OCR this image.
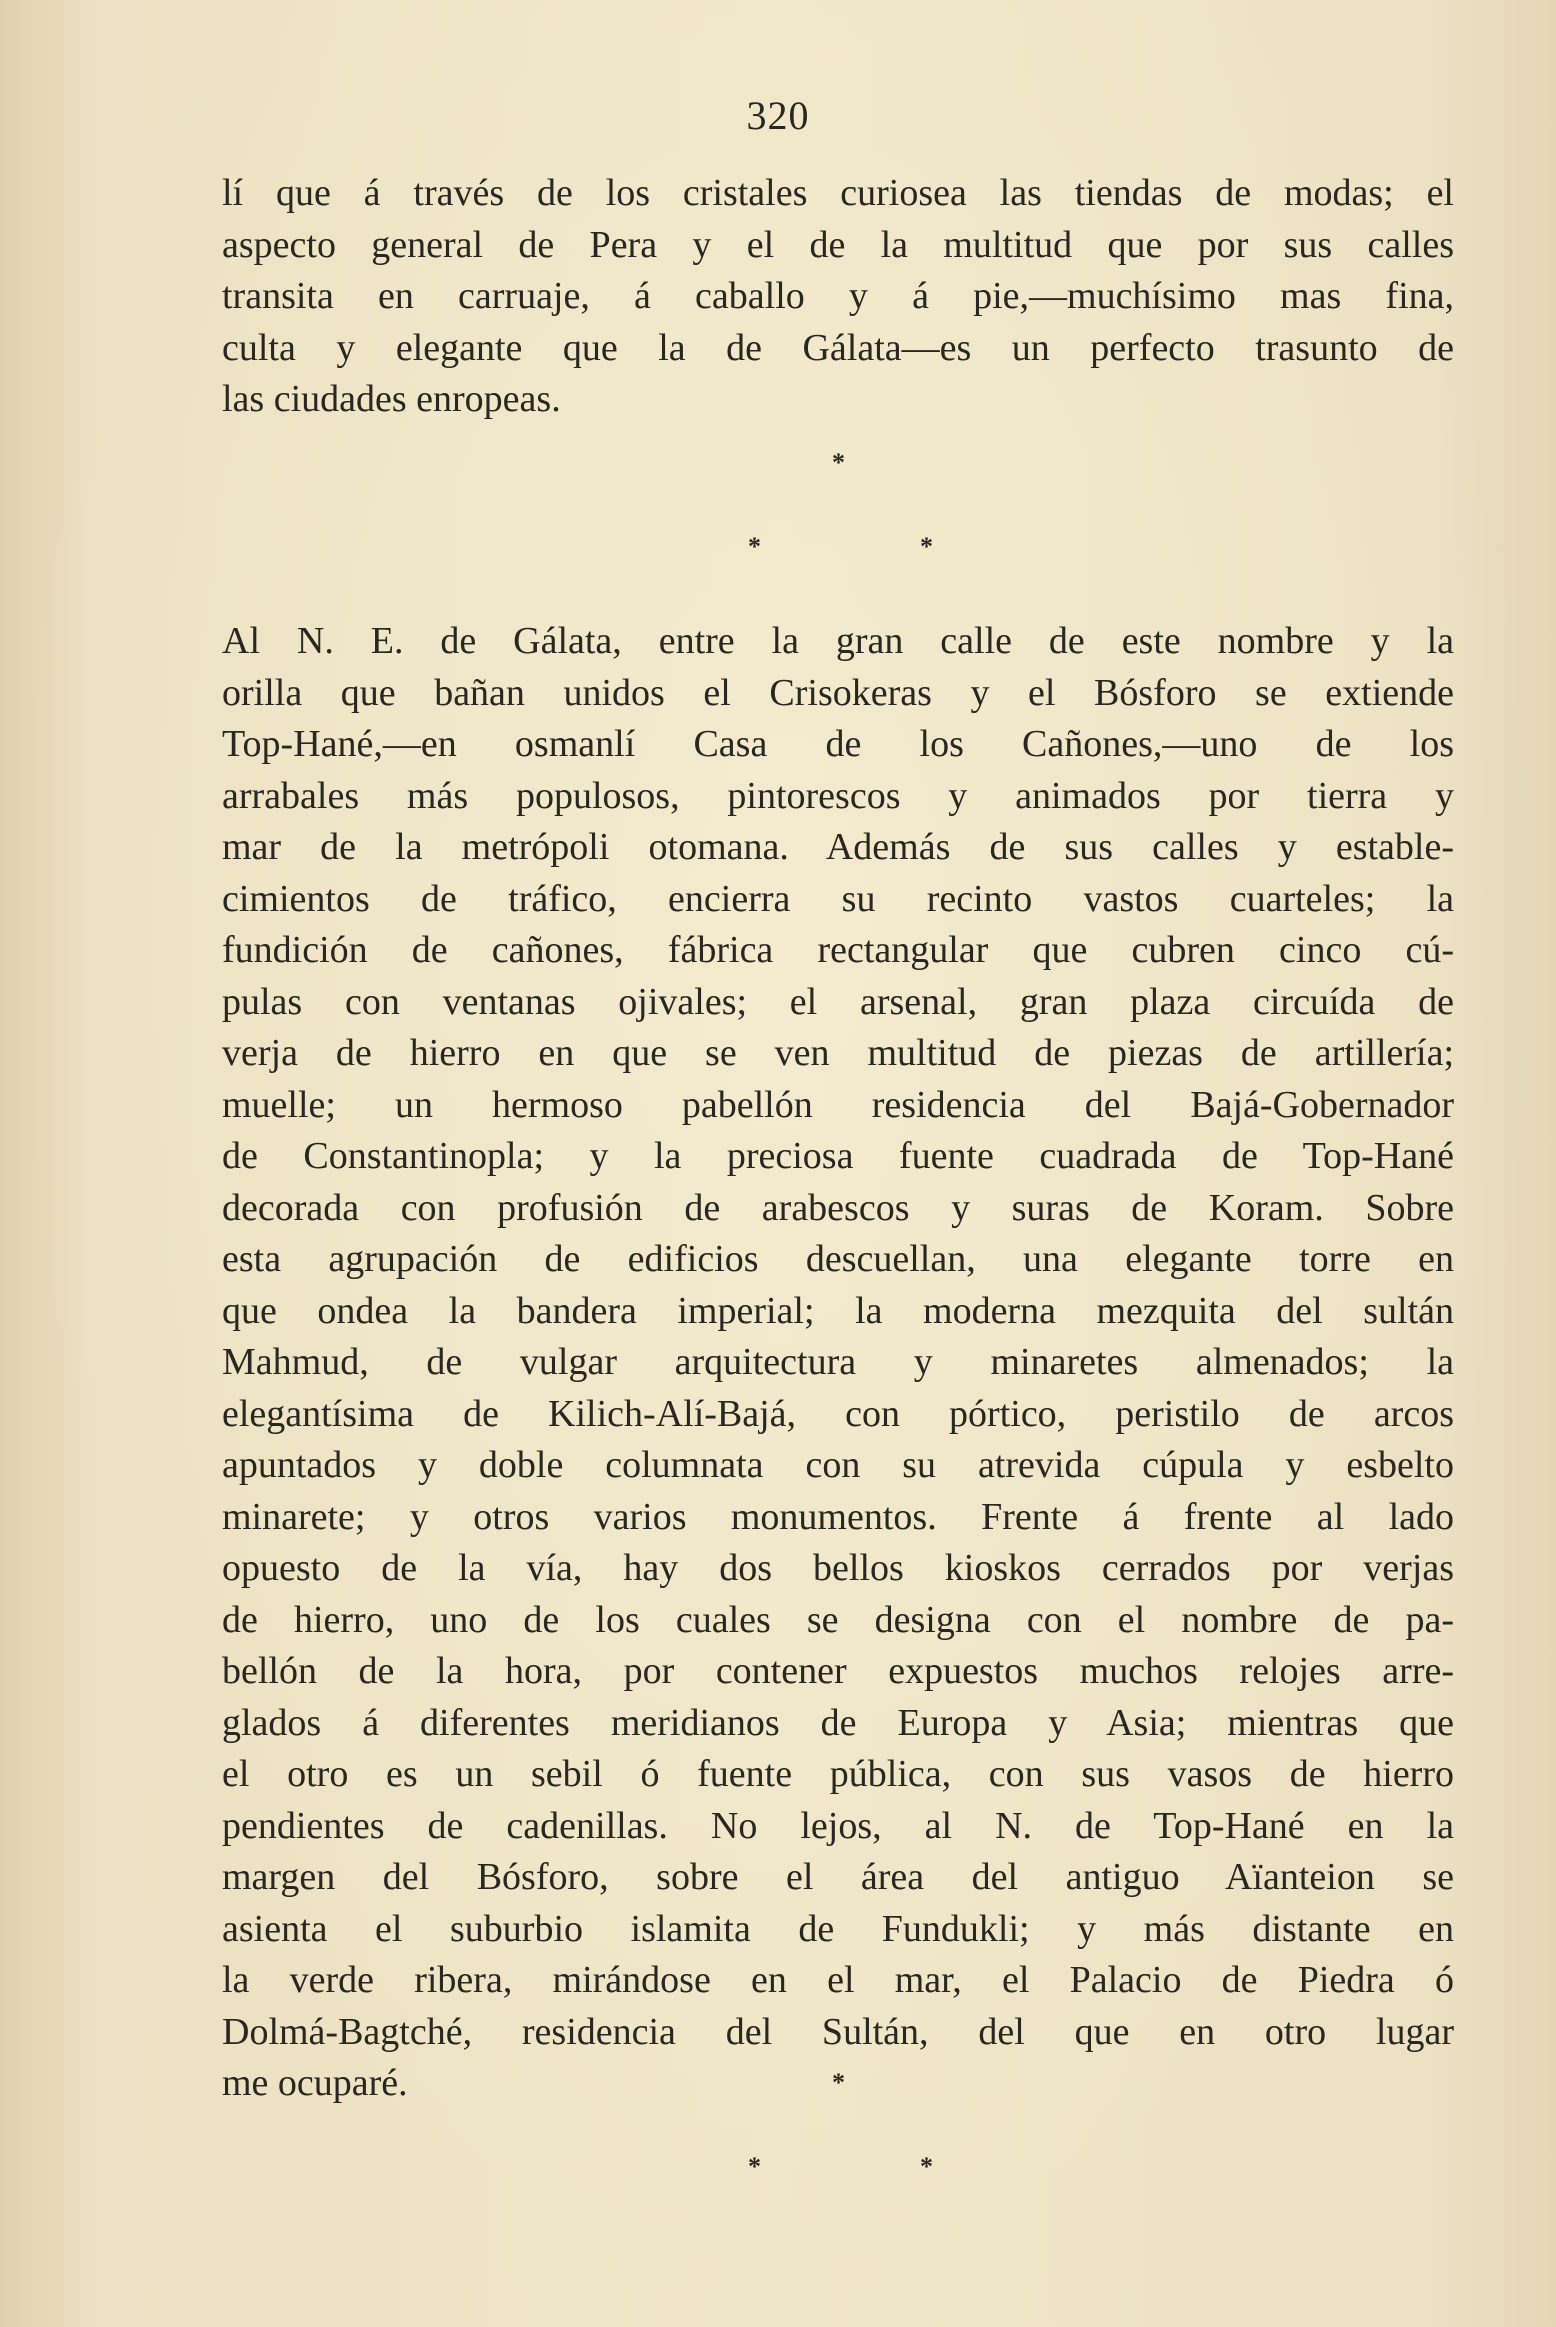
320
lí que á través de los cristales curiosea las tiendas de modas; el
aspecto general de Pera y el de la multitud que por sus calles
transita en carruaje, á caballo y á pie,—muchísimo mas fina,
culta y elegante que la de Gálata—es un perfecto trasunto de
las ciudades enropeas.
*
*	*
Al N. E. de Gálata, entre la gran calle de este nombre y la
orilla que bañan unidos el Crisokeras y el Bósforo se extiende
Top-Hané,—en osmanlí Casa de los Cañones,—uno de los
arrabales más populosos, pintorescos y animados por tierra y
mar de la metrópoli otomana. Además de sus calles y estable-
cimientos de tráfico, encierra su recinto vastos cuarteles; la
fundición de cañones, fábrica rectangular que cubren cinco cú-
pulas con ventanas ojivales; el arsenal, gran plaza circuída de
verja de hierro en que se ven multitud de piezas de artillería;
muelle; un hermoso pabellón residencia del Bajá-Gobernador
de Constantinopla; y la preciosa fuente cuadrada de Top-Hané
decorada con profusión de arabescos y suras de Koram. Sobre
esta agrupación de edificios descuellan, una elegante torre en
que ondea la bandera imperial; la moderna mezquita del sultán
Mahmud, de vulgar arquitectura y minaretes almenados; la
elegantísima de Kilich-Alí-Bajá, con pórtico, peristilo de arcos
apuntados y doble columnata con su atrevida cúpula y esbelto
minarete; y otros varios monumentos. Frente á frente al lado
opuesto de la vía, hay dos bellos kioskos cerrados por verjas
de hierro, uno de los cuales se designa con el nombre de pa-
bellón de la hora, por contener expuestos muchos relojes arre-
glados á diferentes meridianos de Europa y Asia; mientras que
el otro es un sebil ó fuente pública, con sus vasos de hierro
pendientes de cadenillas. No lejos, al N. de Top-Hané en la
margen del Bósforo, sobre el área del antiguo Aïanteion se
asienta el suburbio islamita de Fundukli; y más distante en
la verde ribera, mirándose en el mar, el Palacio de Piedra ó
Dolmá-Bagtché, residencia del Sultán, del que en otro lugar
me ocuparé.	*
*	*
